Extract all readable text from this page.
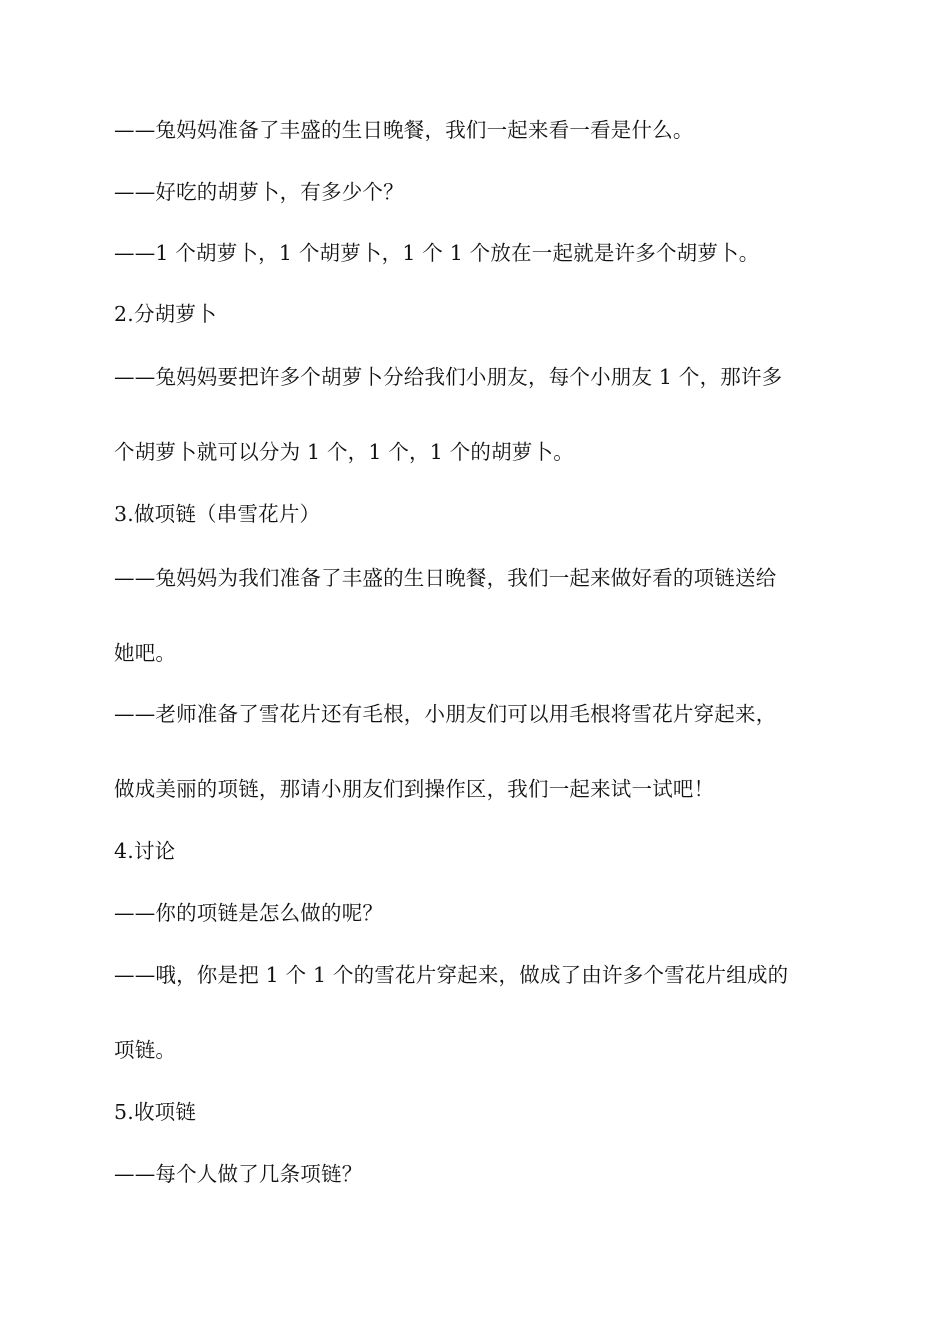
——兔妈妈准备了丰盛的生日晚餐，我们一起来看一看是什么。
——好吃的胡萝卜，有多少个？
——1 个胡萝卜，1 个胡萝卜，1 个 1 个放在一起就是许多个胡萝卜。
2.分胡萝卜
——兔妈妈要把许多个胡萝卜分给我们小朋友，每个小朋友 1 个，那许多
个胡萝卜就可以分为 1 个，1 个，1 个的胡萝卜。
3.做项链（串雪花片）
——兔妈妈为我们准备了丰盛的生日晚餐，我们一起来做好看的项链送给
她吧。
——老师准备了雪花片还有毛根，小朋友们可以用毛根将雪花片穿起来，
做成美丽的项链，那请小朋友们到操作区，我们一起来试一试吧！
4.讨论
——你的项链是怎么做的呢？
——哦，你是把 1 个 1 个的雪花片穿起来，做成了由许多个雪花片组成的
项链。
5.收项链
——每个人做了几条项链？
